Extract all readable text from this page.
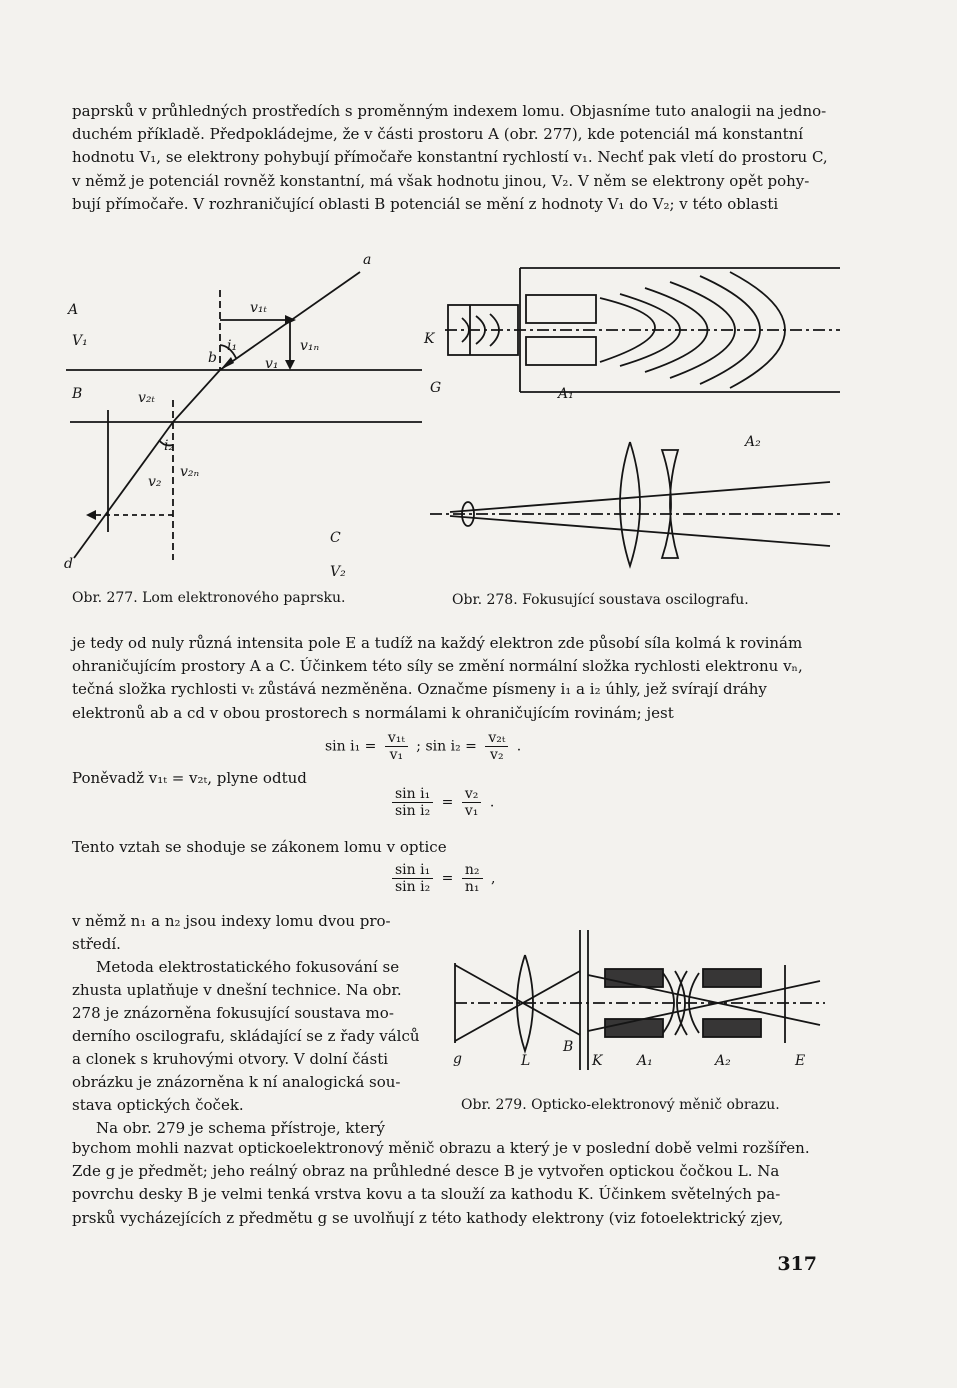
paprsků v průhledných prostředích s proměnným indexem lomu. Objasníme tuto analogii na jedno-
duchém příkladě. Předpokládejme, že v části prostoru A (obr. 277), kde potenciál má konstantní
hodnotu V₁, se elektrony pohybují přímočaře konstantní rychlostí v₁. Nechť pak vletí do prostoru C,
v němž je potenciál rovněž konstantní, má však hodnotu jinou, V₂. V něm se elektrony opět pohy-
bují přímočaře. V rozhraničující oblasti B potenciál se mění z hodnoty V₁ do V₂; v této oblasti
a
A
V₁
b
i₁
v₁ₜ
v₁ₙ
v₁
B	v₂ₜ
i₂
v₂ₙ
v₂
C
V₂
d
Obr. 277. Lom elektronového paprsku.
K
G	A₁
A₂
Obr. 278. Fokusující soustava oscilografu.
je tedy od nuly různá intensita pole E a tudíž na každý elektron zde působí síla kolmá k rovinám
ohraničujícím prostory A a C. Účinkem této síly se změní normální složka rychlosti elektronu vₙ,
tečná složka rychlosti vₜ zůstává nezměněna. Označme písmeny i₁ a i₂ úhly, jež svírají dráhy
elektronů ab a cd v obou prostorech s normálami k ohraničujícím rovinám; jest
$\sin i_1 = \frac{\text{v₁ₜ}}{\text{v₁}}$ ; $\sin i_2 = \frac{\text{v₂ₜ}}{\text{v₂}}$ .
Poněvadž v₁ₜ = v₂ₜ, plyne odtud
$\frac{\text{sin i₁}}{\text{sin i₂}} = \frac{\text{v₂}}{\text{v₁}}$ .
Tento vztah se shoduje se zákonem lomu v optice
$\frac{\text{sin i₁}}{\text{sin i₂}} = \frac{\text{n₂}}{\text{n₁}}$ ,
v němž n₁ a n₂ jsou indexy lomu dvou pro-
středí.
Metoda elektrostatického fokusování se
zhusta uplatňuje v dnešní technice. Na obr.
278 je znázorněna fokusující soustava mo-
derního oscilografu, skládající se z řady válců
a clonek s kruhovými otvory. V dolní části
obrázku je znázorněna k ní analogická sou-
stava optických čoček.
Na obr. 279 je schema přístroje, který
g	L
B
K A₁	A₂	E
Obr. 279. Opticko-elektronový měnič obrazu.
bychom mohli nazvat optickoelektronový měnič obrazu a který je v poslední době velmi rozšířen.
Zde g je předmět; jeho reálný obraz na průhledné desce B je vytvořen optickou čočkou L. Na
povrchu desky B je velmi tenká vrstva kovu a ta slouží za kathodu K. Účinkem světelných pa-
prsků vycházejících z předmětu g se uvolňují z této kathody elektrony (viz fotoelektrický zjev,
317
